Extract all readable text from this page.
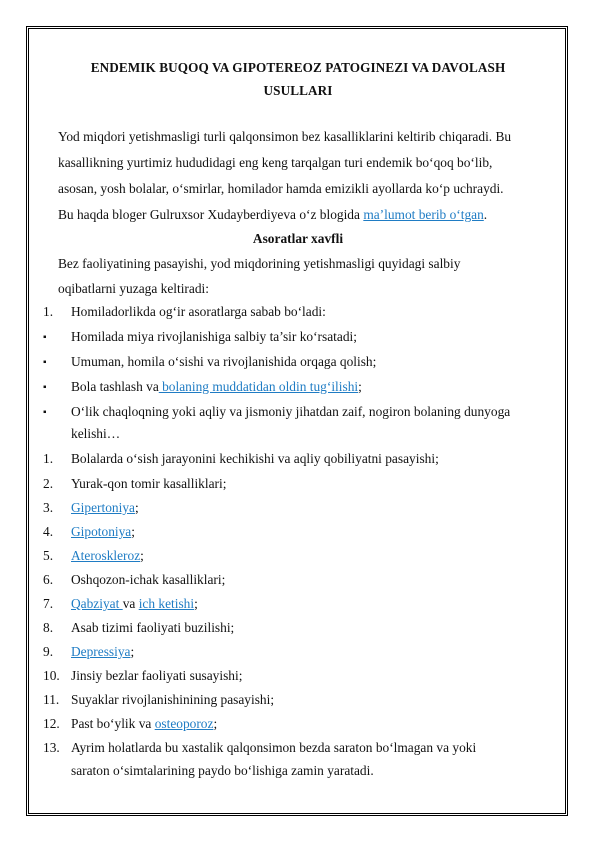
ENDEMIK BUQOQ VA GIPOTEREOZ PATOGINEZI VA DAVOLASH
USULLARI
Yod miqdori yetishmasligi turli qalqonsimon bez kasalliklarini keltirib chiqaradi. Bu
kasallikning yurtimiz hududidagi eng keng tarqalgan turi endemik bo‘qoq bo‘lib,
asosan, yosh bolalar, o‘smirlar, homilador hamda emizikli ayollarda ko‘p uchraydi.
Bu haqda bloger Gulruxsor Xudayberdiyeva o‘z blogida ma’lumot berib o‘tgan.
Asoratlar xavfli
Bez faoliyatining pasayishi, yod miqdorining yetishmasligi quyidagi salbiy
oqibatlarni yuzaga keltiradi:
1. Homiladorlikda og‘ir asoratlarga sabab bo‘ladi:
▪ Homilada miya rivojlanishiga salbiy ta’sir ko‘rsatadi;
▪ Umuman, homila o‘sishi va rivojlanishida orqaga qolish;
▪ Bola tashlash va bolaning muddatidan oldin tug‘ilishi;
▪ O‘lik chaqloqning yoki aqliy va jismoniy jihatdan zaif, nogiron bolaning dunyoga
kelishi…
1. Bolalarda o‘sish jarayonini kechikishi va aqliy qobiliyatni pasayishi;
2. Yurak-qon tomir kasalliklari;
3. Gipertoniya;
4. Gipotoniya;
5. Ateroskleroz;
6. Oshqozon-ichak kasalliklari;
7. Qabziyat va ich ketishi;
8. Asab tizimi faoliyati buzilishi;
9. Depressiya;
10. Jinsiy bezlar faoliyati susayishi;
11. Suyaklar rivojlanishinining pasayishi;
12. Past bo‘ylik va osteoporoz;
13. Ayrim holatlarda bu xastalik qalqonsimon bezda saraton bo‘lmagan va yoki
saraton o‘simtalarining paydo bo‘lishiga zamin yaratadi.
